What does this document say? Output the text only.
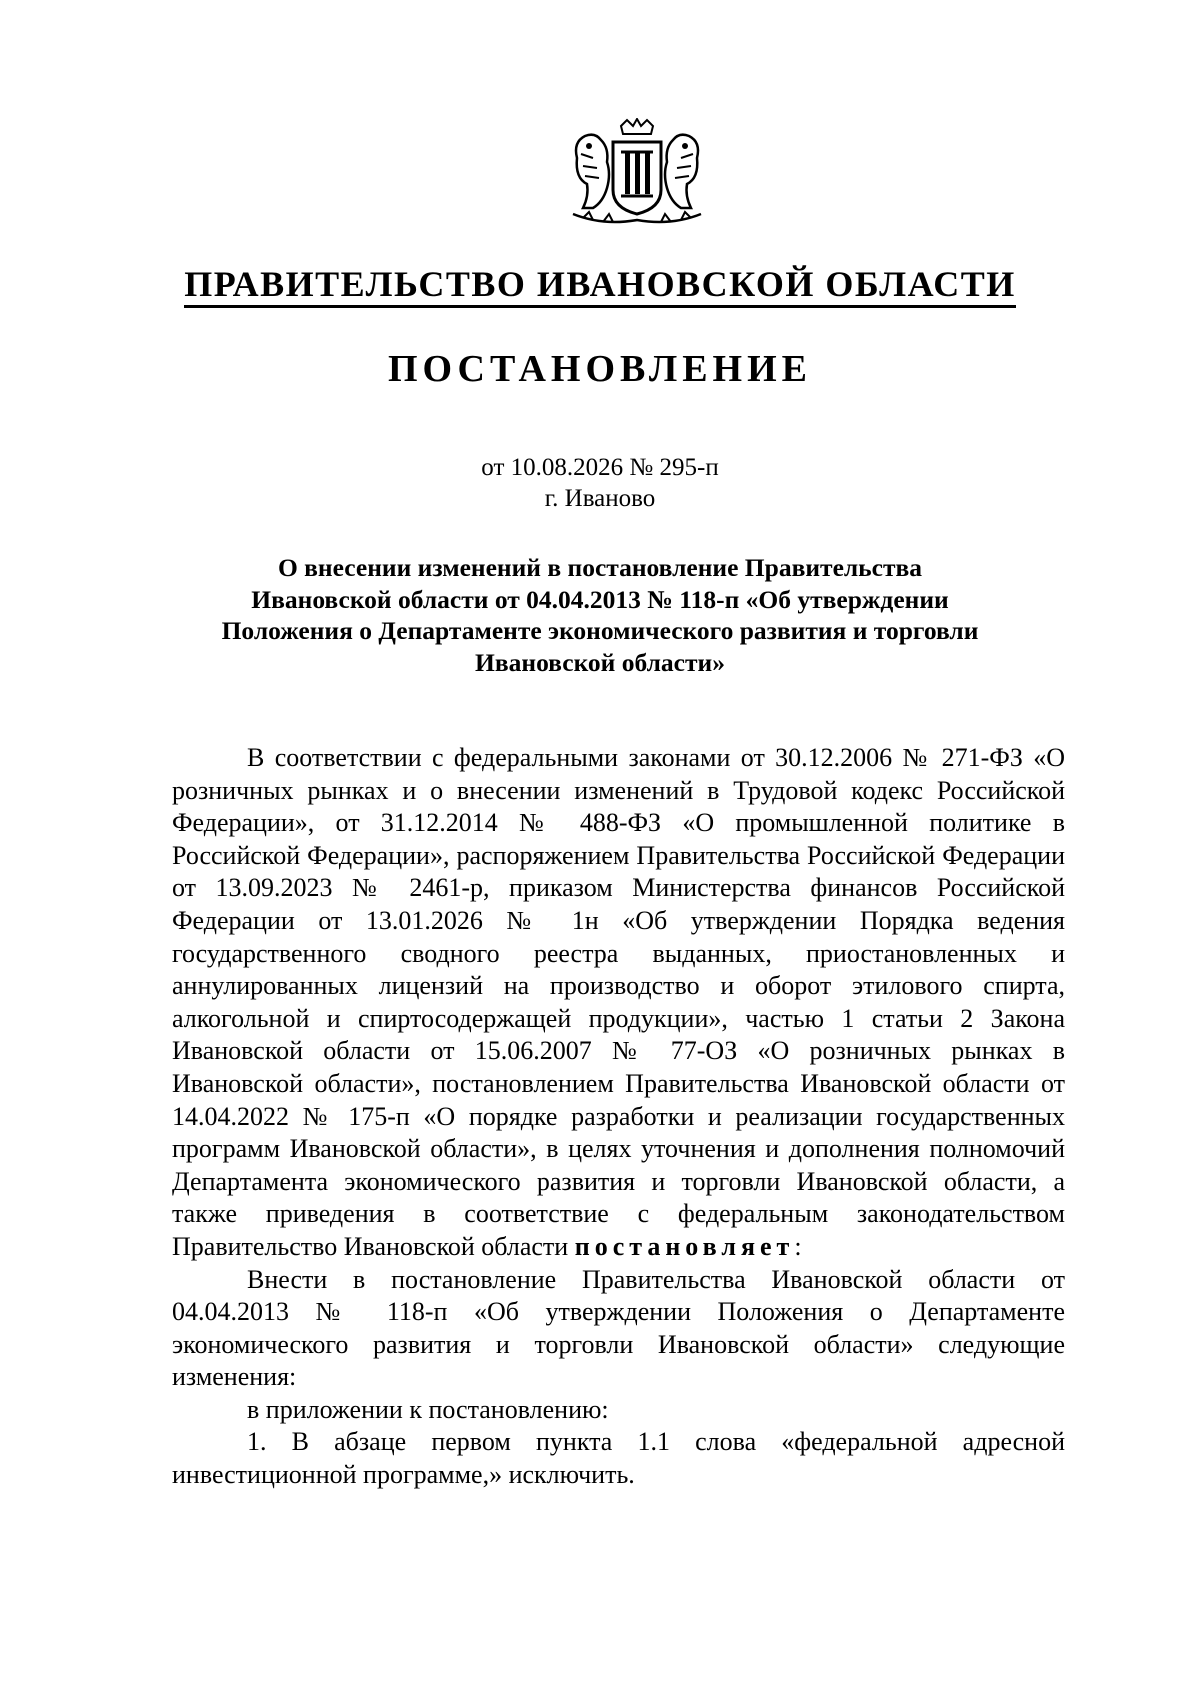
ПРАВИТЕЛЬСТВО ИВАНОВСКОЙ ОБЛАСТИ
ПОСТАНОВЛЕНИЕ
от 10.08.2026 № 295-п
г. Иваново
О внесении изменений в постановление Правительства
Ивановской области от 04.04.2013 № 118-п «Об утверждении
Положения о Департаменте экономического развития и торговли
Ивановской области»

В соответствии с федеральными законами от 30.12.2006 № 271-ФЗ «О розничных рынках и о внесении изменений в Трудовой кодекс Российской Федерации», от 31.12.2014 № 488-ФЗ «О промышленной политике в Российской Федерации», распоряжением Правительства Российской Федерации от 13.09.2023 № 2461-р, приказом Министерства финансов Российской Федерации от 13.01.2026 № 1н «Об утверждении Порядка ведения государственного сводного реестра выданных, приостановленных и аннулированных лицензий на производство и оборот этилового спирта, алкогольной и спиртосодержащей продукции», частью 1 статьи 2 Закона Ивановской области от 15.06.2007 № 77-ОЗ «О розничных рынках в Ивановской области», постановлением Правительства Ивановской области от 14.04.2022 № 175-п «О порядке разработки и реализации государственных программ Ивановской области», в целях уточнения и дополнения полномочий Департамента экономического развития и торговли Ивановской области, а также приведения в соответствие с федеральным законодательством Правительство Ивановской области постановляет:

Внести в постановление Правительства Ивановской области от 04.04.2013 № 118-п «Об утверждении Положения о Департаменте экономического развития и торговли Ивановской области» следующие изменения:

в приложении к постановлению:

1. В абзаце первом пункта 1.1 слова «федеральной адресной инвестиционной программе,» исключить.
